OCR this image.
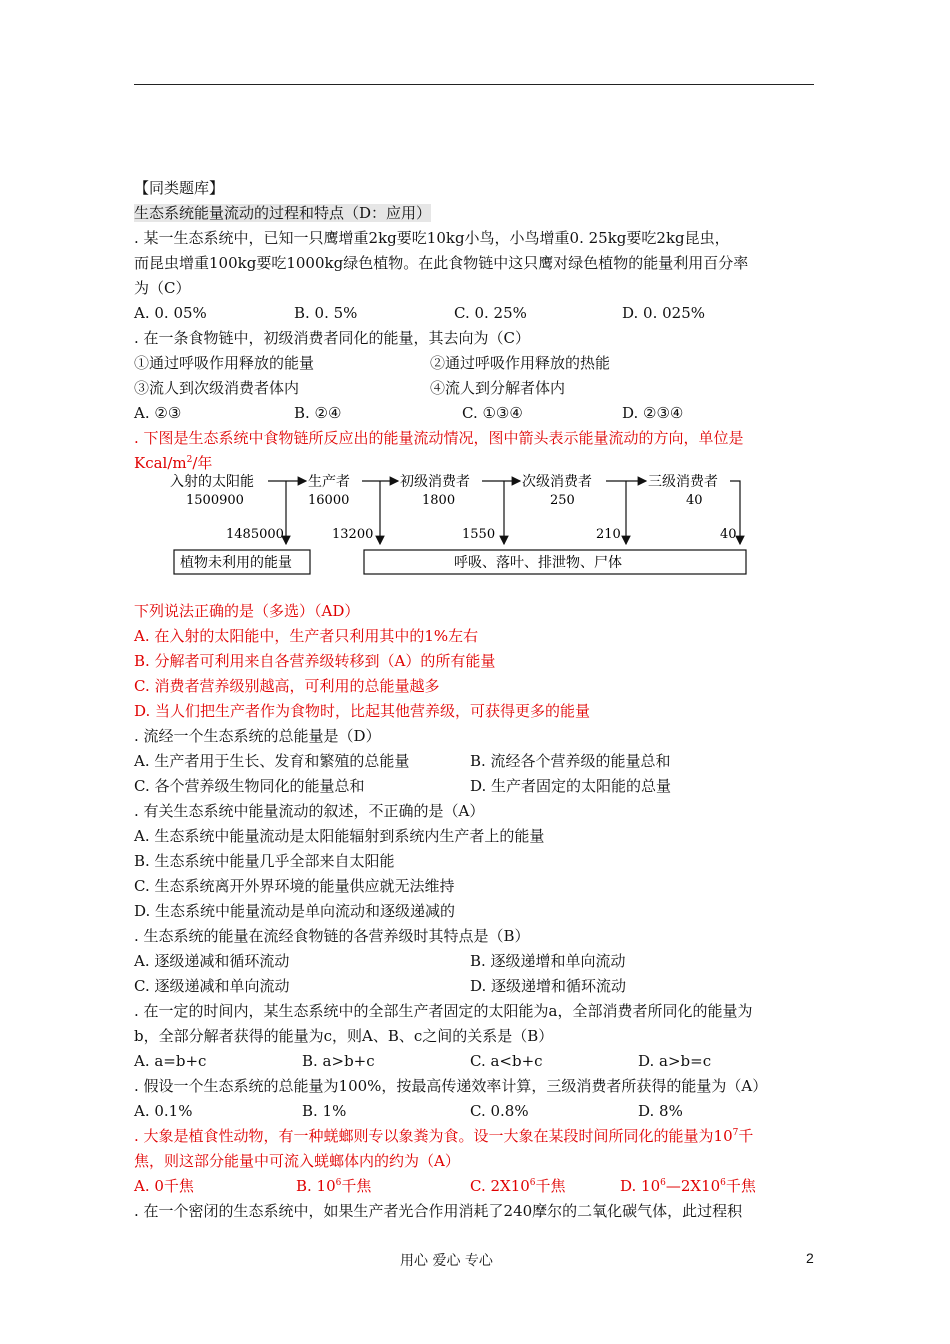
【同类题库】
生态系统能量流动的过程和特点（D：应用）
. 某一生态系统中，已知一只鹰增重2kg要吃10kg小鸟，小鸟增重0. 25kg要吃2kg昆虫，
而昆虫增重100kg要吃1000kg绿色植物。在此食物链中这只鹰对绿色植物的能量利用百分率
为（C）
A. 0. 05%	B. 0. 5%	C. 0. 25%	D. 0. 025%
. 在一条食物链中，初级消费者同化的能量，其去向为（C）
①通过呼吸作用释放的能量	②通过呼吸作用释放的热能
③流人到次级消费者体内	④流人到分解者体内
A. ②③	B. ②④	C. ①③④	D. ②③④
. 下图是生态系统中食物链所反应出的能量流动情况，图中箭头表示能量流动的方向，单位是
Kcal/$m^2/$年
入射的太阳能	生产者	初级消费者	次级消费者	三级消费者
1500900	16000	1800	250	40
1485000	13200	1550	210	40
植物未利用的能量	呼吸、落叶、排泄物、尸体
下列说法正确的是（多选）（AD）
A. 在入射的太阳能中，生产者只利用其中的1%左右
B. 分解者可利用来自各营养级转移到（A）的所有能量
C. 消费者营养级别越高，可利用的总能量越多
D. 当人们把生产者作为食物时，比起其他营养级，可获得更多的能量
. 流经一个生态系统的总能量是（D）
A. 生产者用于生长、发育和繁殖的总能量	B. 流经各个营养级的能量总和
C. 各个营养级生物同化的能量总和	D. 生产者固定的太阳能的总量
. 有关生态系统中能量流动的叙述，不正确的是（A）
A. 生态系统中能量流动是太阳能辐射到系统内生产者上的能量
B. 生态系统中能量几乎全部来自太阳能
C. 生态系统离开外界环境的能量供应就无法维持
D. 生态系统中能量流动是单向流动和逐级递减的
. 生态系统的能量在流经食物链的各营养级时其特点是（B）
A. 逐级递减和循环流动	B. 逐级递增和单向流动
C. 逐级递减和单向流动	D. 逐级递增和循环流动
. 在一定的时间内，某生态系统中的全部生产者固定的太阳能为a，全部消费者所同化的能量为
b，全部分解者获得的能量为c，则A、B、c之间的关系是（B）
A. a=b+c	B. a>b+c	C. a<b+c	D. a>b=c
. 假设一个生态系统的总能量为100%，按最高传递效率计算，三级消费者所获得的能量为（A）
A. 0.1%	B. 1%	C. 0.8%	D. 8%
. 大象是植食性动物，有一种蜣螂则专以象粪为食。设一大象在某段时间所同化的能量为$10^7$千
焦，则这部分能量中可流入蜣螂体内的约为（A）
A. 0千焦	B. $10^6$千焦	C. $2X10^6$千焦	D. $10^6—2X10^6$千焦
. 在一个密闭的生态系统中，如果生产者光合作用消耗了240摩尔的二氧化碳气体，此过程积
用心 爱心 专心	2
